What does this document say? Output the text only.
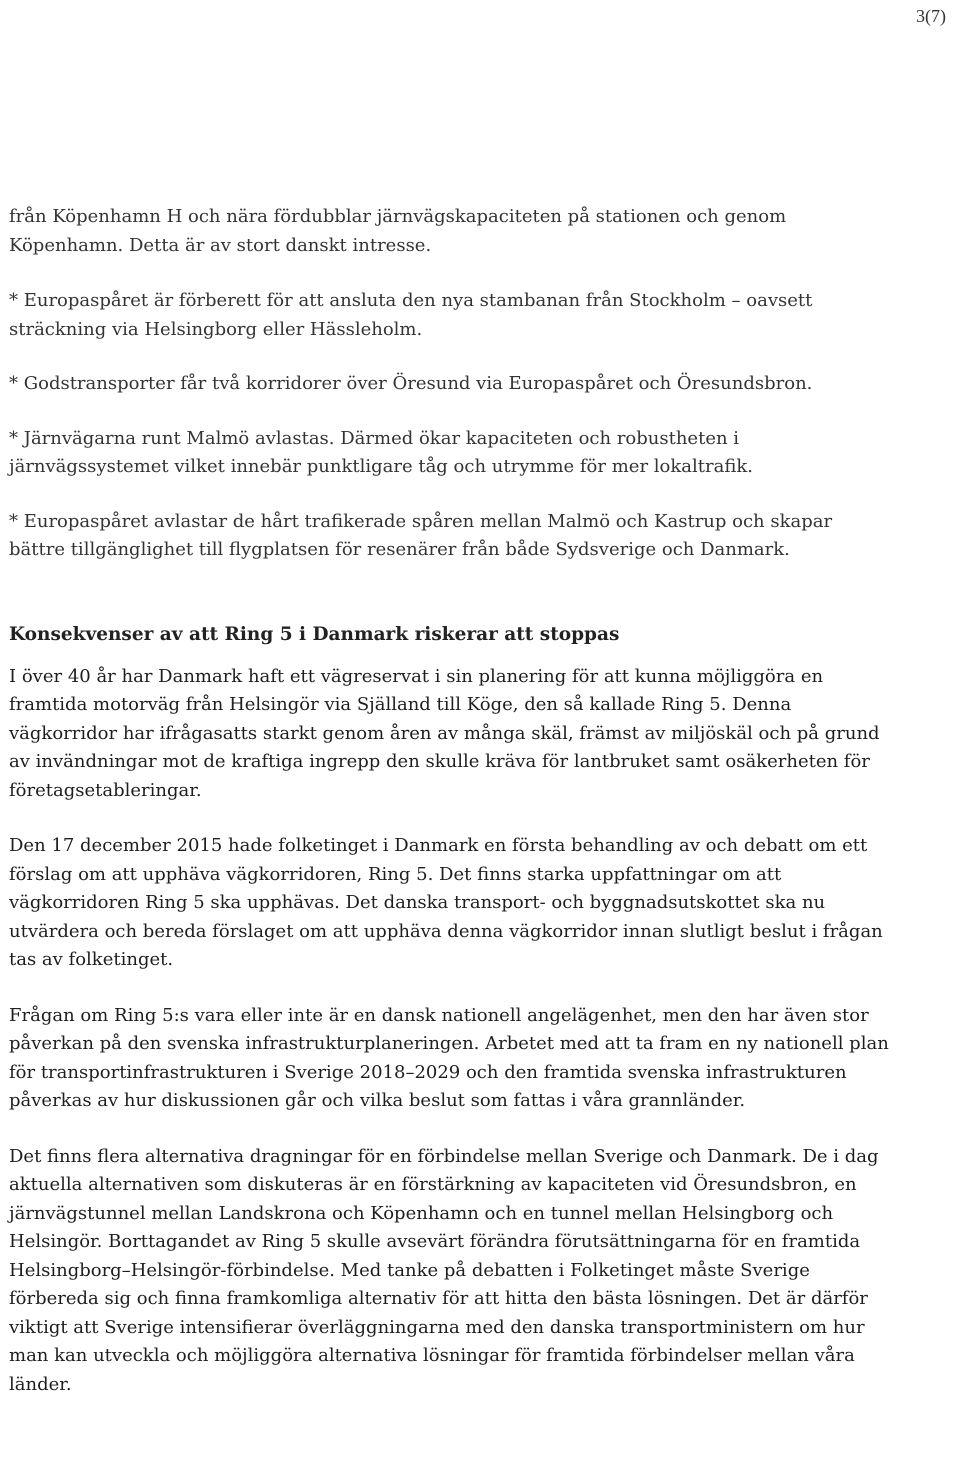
3(7)

från Köpenhamn H och nära fördubblar järnvägskapaciteten på stationen och genom Köpenhamn. Detta är av stort danskt intresse.

* Europaspåret är förberett för att ansluta den nya stambanan från Stockholm – oavsett sträckning via Helsingborg eller Hässleholm.

* Godstransporter får två korridorer över Öresund via Europaspåret och Öresundsbron.

* Järnvägarna runt Malmö avlastas. Därmed ökar kapaciteten och robustheten i järnvägssystemet vilket innebär punktligare tåg och utrymme för mer lokaltrafik.

* Europaspåret avlastar de hårt trafikerade spåren mellan Malmö och Kastrup och skapar bättre tillgänglighet till flygplatsen för resenärer från både Sydsverige och Danmark.

Konsekvenser av att Ring 5 i Danmark riskerar att stoppas

I över 40 år har Danmark haft ett vägreservat i sin planering för att kunna möjliggöra en framtida motorväg från Helsingör via Själland till Köge, den så kallade Ring 5. Denna vägkorridor har ifrågasatts starkt genom åren av många skäl, främst av miljöskäl och på grund av invändningar mot de kraftiga ingrepp den skulle kräva för lantbruket samt osäkerheten för företagsetableringar.

Den 17 december 2015 hade folketinget i Danmark en första behandling av och debatt om ett förslag om att upphäva vägkorridoren, Ring 5. Det finns starka uppfattningar om att vägkorridoren Ring 5 ska upphävas. Det danska transport- och byggnadsutskottet ska nu utvärdera och bereda förslaget om att upphäva denna vägkorridor innan slutligt beslut i frågan tas av folketinget.

Frågan om Ring 5:s vara eller inte är en dansk nationell angelägenhet, men den har även stor påverkan på den svenska infrastrukturplaneringen. Arbetet med att ta fram en ny nationell plan för transportinfrastrukturen i Sverige 2018–2029 och den framtida svenska infrastrukturen påverkas av hur diskussionen går och vilka beslut som fattas i våra grannländer.

Det finns flera alternativa dragningar för en förbindelse mellan Sverige och Danmark. De i dag aktuella alternativen som diskuteras är en förstärkning av kapaciteten vid Öresundsbron, en järnvägstunnel mellan Landskrona och Köpenhamn och en tunnel mellan Helsingborg och Helsingör. Borttagandet av Ring 5 skulle avsevärt förändra förutsättningarna för en framtida Helsingborg–Helsingör-förbindelse. Med tanke på debatten i Folketinget måste Sverige förbereda sig och finna framkomliga alternativ för att hitta den bästa lösningen. Det är därför viktigt att Sverige intensifierar överläggningarna med den danska transportministern om hur man kan utveckla och möjliggöra alternativa lösningar för framtida förbindelser mellan våra länder.
